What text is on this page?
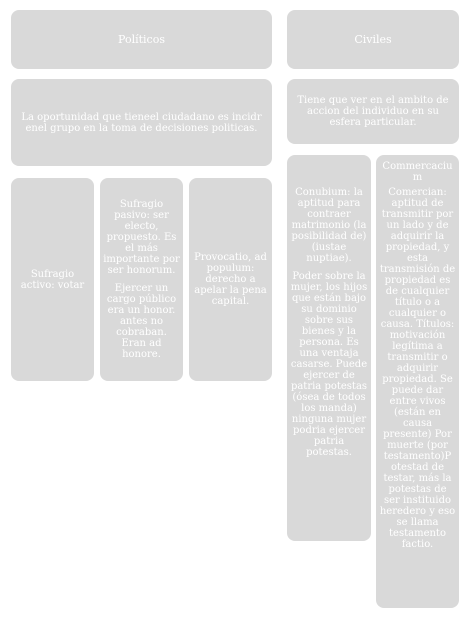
Políticos	Civiles

La oportunidad que tieneel ciudadano es incidr enel grupo en la toma de decisiones politicas.

Tiene que ver en el ambito de accion del individuo en su esfera particular.

Sufragio activo: votar

Sufragio pasivo: ser electo, propuesto. Es el más importante por ser honorum.

Ejercer un cargo público era un honor. antes no cobraban. Eran ad honore.

Provocatio, ad populum: derecho a apelar la pena capital.

Conubium: la aptitud para contraer matrimonio (la posibilidad de) (iustae nuptiae).

Poder sobre la mujer, los hijos que están bajo su dominio sobre sus bienes y la persona. Es una ventaja casarse. Puede ejercer de patria potestas (ósea de todos los manda) ninguna mujer podria ejercer patria potestas.

Commercaciu m

Comercian: aptitud de transmitir por un lado y de adquirir la propiedad, y esta transmisión de propiedad es de cualquier título o a cualquier o causa. Títulos: motivación legítima a transmitir o adquirir propiedad. Se puede dar entre vivos (están en causa presente) Por muerte (por testamento)P otestad de testar, más la potestas de ser instituido heredero y eso se llama testamento factio.
